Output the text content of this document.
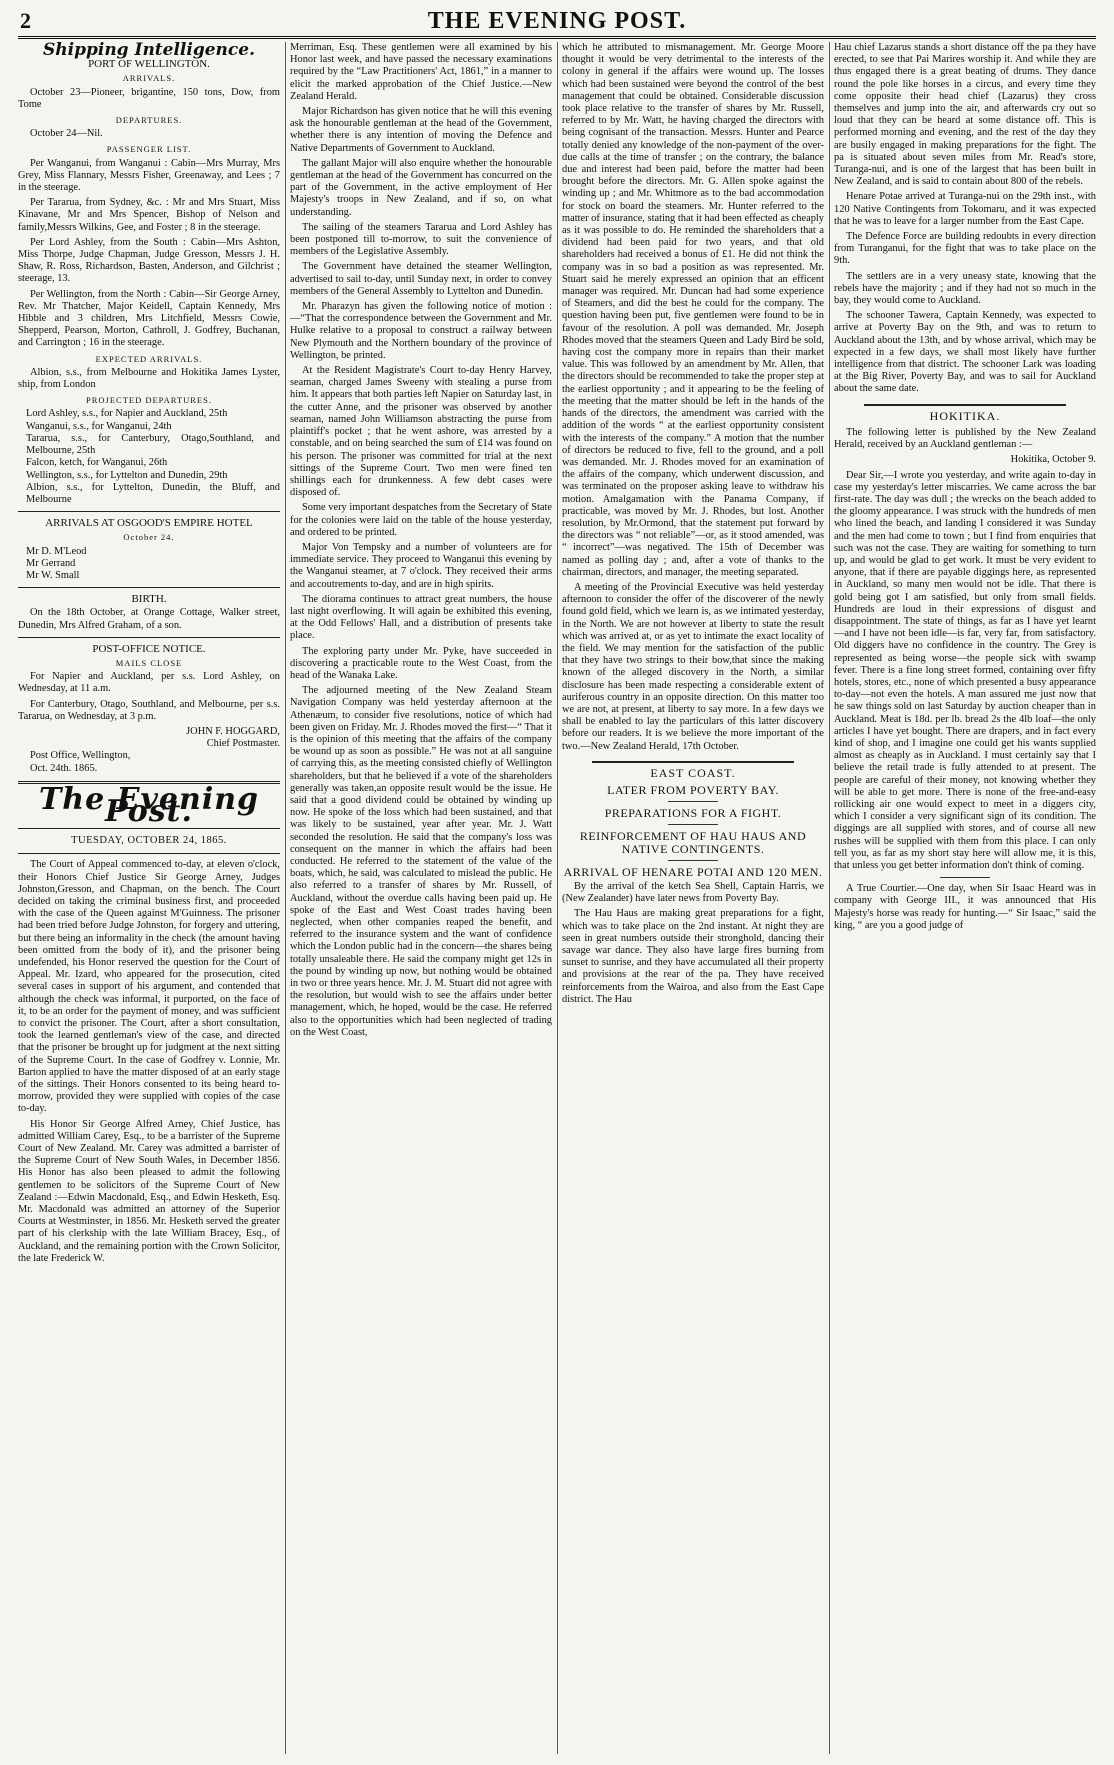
2	THE EVENING POST.
Shipping Intelligence.
PORT OF WELLINGTON.
ARRIVALS.

October 23—Pioneer, brigantine, 150 tons, Dow, from Tome

DEPARTURES.

October 24—Nil.

PASSENGER LIST.

Per Wanganui, from Wanganui : Cabin—Mrs Murray, Mrs Grey, Miss Flannary, Messrs Fisher, Greenaway, and Lees ; 7 in the steerage.

Per Tararua, from Sydney, &c. : Mr and Mrs Stuart, Miss Kinavane, Mr and Mrs Spencer, Bishop of Nelson and family,Messrs Wilkins, Gee, and Foster ; 8 in the steerage.

Per Lord Ashley, from the South : Cabin—Mrs Ashton, Miss Thorpe, Judge Chapman, Judge Gresson, Messrs J. H. Shaw, R. Ross, Richardson, Basten, Anderson, and Gilchrist ; steerage, 13.

Per Wellington, from the North : Cabin—Sir George Arney, Rev. Mr Thatcher, Major Keidell, Captain Kennedy, Mrs Hibble and 3 children, Mrs Litchfield, Messrs Cowie, Shepperd, Pearson, Morton, Cathroll, J. Godfrey, Buchanan, and Carrington ; 16 in the steerage.

EXPECTED ARRIVALS.

Albion, s.s., from Melbourne and Hokitika James Lyster, ship, from London

PROJECTED DEPARTURES.

Lord Ashley, s.s., for Napier and Auckland, 25th

Wanganui, s.s., for Wanganui, 24th

Tararua, s.s., for Canterbury, Otago,Southland, and Melbourne, 25th

Falcon, ketch, for Wanganui, 26th

Wellington, s.s., for Lyttelton and Dunedin, 29th

Albion, s.s., for Lyttelton, Dunedin, the Bluff, and Melbourne

ARRIVALS AT OSGOOD'S EMPIRE HOTEL
October 24.

Mr D. M'Leod

Mr Gerrand

Mr W. Small

BIRTH.

On the 18th October, at Orange Cottage, Walker street, Dunedin, Mrs Alfred Graham, of a son.

POST-OFFICE NOTICE.
MAILS CLOSE

For Napier and Auckland, per s.s. Lord Ashley, on Wednesday, at 11 a.m.

For Canterbury, Otago, Southland, and Melbourne, per s.s. Tararua, on Wednesday, at 3 p.m.

JOHN F. HOGGARD,

Chief Postmaster.

Post Office, Wellington,

Oct. 24th. 1865.

The Evening Post.
TUESDAY, OCTOBER 24, 1865.

The Court of Appeal commenced to-day, at eleven o'clock, their Honors Chief Justice Sir George Arney, Judges Johnston,Gresson, and Chapman, on the bench. The Court decided on taking the criminal business first, and proceeded with the case of the Queen against M'Guinness. The prisoner had been tried before Judge Johnston, for forgery and uttering, but there being an informality in the check (the amount having been omitted from the body of it), and the prisoner being undefended, his Honor reserved the question for the Court of Appeal. Mr. Izard, who appeared for the prosecution, cited several cases in support of his argument, and contended that although the check was informal, it purported, on the face of it, to be an order for the payment of money, and was sufficient to convict the prisoner. The Court, after a short consultation, took the learned gentleman's view of the case, and directed that the prisoner be brought up for judgment at the next sitting of the Supreme Court. In the case of Godfrey v. Lonnie, Mr. Barton applied to have the matter disposed of at an early stage of the sittings. Their Honors consented to its being heard to-morrow, provided they were supplied with copies of the case to-day.

His Honor Sir George Alfred Arney, Chief Justice, has admitted William Carey, Esq., to be a barrister of the Supreme Court of New Zealand. Mr. Carey was admitted a barrister of the Supreme Court of New South Wales, in December 1856. His Honor has also been pleased to admit the following gentlemen to be solicitors of the Supreme Court of New Zealand :—Edwin Macdonald, Esq., and Edwin Hesketh, Esq. Mr. Macdonald was admitted an attorney of the Superior Courts at Westminster, in 1856. Mr. Hesketh served the greater part of his clerkship with the late William Bracey, Esq., of Auckland, and the remaining portion with the Crown Solicitor, the late Frederick W.

Merriman, Esq. These gentlemen were all examined by his Honor last week, and have passed the necessary examinations required by the “Law Practitioners' Act, 1861,” in a manner to elicit the marked approbation of the Chief Justice.—New Zealand Herald.

Major Richardson has given notice that he will this evening ask the honourable gentleman at the head of the Government, whether there is any intention of moving the Defence and Native Departments of Government to Auckland.

The gallant Major will also enquire whether the honourable gentleman at the head of the Government has concurred on the part of the Government, in the active employment of Her Majesty's troops in New Zealand, and if so, on what understanding.

The sailing of the steamers Tararua and Lord Ashley has been postponed till to-morrow, to suit the convenience of members of the Legislative Assembly.

The Government have detained the steamer Wellington, advertised to sail to-day, until Sunday next, in order to convey members of the General Assembly to Lyttelton and Dunedin.

Mr. Pharazyn has given the following notice of motion :—“That the correspondence between the Government and Mr. Hulke relative to a proposal to construct a railway between New Plymouth and the Northern boundary of the province of Wellington, be printed.

At the Resident Magistrate's Court to-day Henry Harvey, seaman, charged James Sweeny with stealing a purse from him. It appears that both parties left Napier on Saturday last, in the cutter Anne, and the prisoner was observed by another seaman, named John Williamson abstracting the purse from plaintiff's pocket ; that he went ashore, was arrested by a constable, and on being searched the sum of £14 was found on his person. The prisoner was committed for trial at the next sittings of the Supreme Court. Two men were fined ten shillings each for drunkenness. A few debt cases were disposed of.

Some very important despatches from the Secretary of State for the colonies were laid on the table of the house yesterday, and ordered to be printed.

Major Von Tempsky and a number of volunteers are for immediate service. They proceed to Wanganui this evening by the Wanganui steamer, at 7 o'clock. They received their arms and accoutrements to-day, and are in high spirits.

The diorama continues to attract great numbers, the house last night overflowing. It will again be exhibited this evening, at the Odd Fellows' Hall, and a distribution of presents take place.

The exploring party under Mr. Pyke, have succeeded in discovering a practicable route to the West Coast, from the head of the Wanaka Lake.

The adjourned meeting of the New Zealand Steam Navigation Company was held yesterday afternoon at the Athenæum, to consider five resolutions, notice of which had been given on Friday. Mr. J. Rhodes moved the first—“ That it is the opinion of this meeting that the affairs of the company be wound up as soon as possible.” He was not at all sanguine of carrying this, as the meeting consisted chiefly of Wellington shareholders, but that he believed if a vote of the shareholders generally was taken,an opposite result would be the issue. He said that a good dividend could be obtained by winding up now. He spoke of the loss which had been sustained, and that was likely to be sustained, year after year. Mr. J. Watt seconded the resolution. He said that the company's loss was consequent on the manner in which the affairs had been conducted. He referred to the statement of the value of the boats, which, he said, was calculated to mislead the public. He also referred to a transfer of shares by Mr. Russell, of Auckland, without the overdue calls having been paid up. He spoke of the East and West Coast trades having been neglected, when other companies reaped the benefit, and referred to the insurance system and the want of confidence which the London public had in the concern—the shares being totally unsaleable there. He said the company might get 12s in the pound by winding up now, but nothing would be obtained in two or three years hence. Mr. J. M. Stuart did not agree with the resolution, but would wish to see the affairs under better management, which, he hoped, would be the case. He referred also to the opportunities which had been neglected of trading on the West Coast,

which he attributed to mismanagement. Mr. George Moore thought it would be very detrimental to the interests of the colony in general if the affairs were wound up. The losses which had been sustained were beyond the control of the best management that could be obtained. Considerable discussion took place relative to the transfer of shares by Mr. Russell, referred to by Mr. Watt, he having charged the directors with being cognisant of the transaction. Messrs. Hunter and Pearce totally denied any knowledge of the non-payment of the over-due calls at the time of transfer ; on the contrary, the balance due and interest had been paid, before the matter had been brought before the directors. Mr. G. Allen spoke against the winding up ; and Mr. Whitmore as to the bad accommodation for stock on board the steamers. Mr. Hunter referred to the matter of insurance, stating that it had been effected as cheaply as it was possible to do. He reminded the shareholders that a dividend had been paid for two years, and that old shareholders had received a bonus of £1. He did not think the company was in so bad a position as was represented. Mr. Stuart said he merely expressed an opinion that an efficent manager was required. Mr. Duncan had had some experience of Steamers, and did the best he could for the company. The question having been put, five gentlemen were found to be in favour of the resolution. A poll was demanded. Mr. Joseph Rhodes moved that the steamers Queen and Lady Bird be sold, having cost the company more in repairs than their market value. This was followed by an amendment by Mr. Allen, that the directors should be recommended to take the proper step at the earliest opportunity ; and it appearing to be the feeling of the meeting that the matter should be left in the hands of the hands of the directors, the amendment was carried with the addition of the words “ at the earliest opportunity consistent with the interests of the company.” A motion that the number of directors be reduced to five, fell to the ground, and a poll was demanded. Mr. J. Rhodes moved for an examination of the affairs of the company, which underwent discussion, and was terminated on the proposer asking leave to withdraw his motion. Amalgamation with the Panama Company, if practicable, was moved by Mr. J. Rhodes, but lost. Another resolution, by Mr.Ormond, that the statement put forward by the directors was “ not reliable”—or, as it stood amended, was “ incorrect”—was negatived. The 15th of December was named as polling day ; and, after a vote of thanks to the chairman, directors, and manager, the meeting separated.

A meeting of the Provincial Executive was held yesterday afternoon to consider the offer of the discoverer of the newly found gold field, which we learn is, as we intimated yesterday, in the North. We are not however at liberty to state the result which was arrived at, or as yet to intimate the exact locality of the field. We may mention for the satisfaction of the public that they have two strings to their bow,that since the making known of the alleged discovery in the North, a similar disclosure has been made respecting a considerable extent of auriferous country in an opposite direction. On this matter too we are not, at present, at liberty to say more. In a few days we shall be enabled to lay the particulars of this latter discovery before our readers. It is we believe the more important of the two.—New Zealand Herald, 17th October.

EAST COAST.
LATER FROM POVERTY BAY.
PREPARATIONS FOR A FIGHT.
REINFORCEMENT OF HAU HAUS AND NATIVE CONTINGENTS.
ARRIVAL OF HENARE POTAI AND 120 MEN.

By the arrival of the ketch Sea Shell, Captain Harris, we (New Zealander) have later news from Poverty Bay.

The Hau Haus are making great preparations for a fight, which was to take place on the 2nd instant. At night they are seen in great numbers outside their stronghold, dancing their savage war dance. They also have large fires burning from sunset to sunrise, and they have accumulated all their property and provisions at the rear of the pa. They have received reinforcements from the Wairoa, and also from the East Cape district. The Hau

Hau chief Lazarus stands a short distance off the pa they have erected, to see that Pai Marires worship it. And while they are thus engaged there is a great beating of drums. They dance round the pole like horses in a circus, and every time they come opposite their head chief (Lazarus) they cross themselves and jump into the air, and afterwards cry out so loud that they can be heard at some distance off. This is performed morning and evening, and the rest of the day they are busily engaged in making preparations for the fight. The pa is situated about seven miles from Mr. Read's store, Turanga-nui, and is one of the largest that has been built in New Zealand, and is said to contain about 800 of the rebels.

Henare Potae arrived at Turanga-nui on the 29th inst., with 120 Native Contingents from Tokomaru, and it was expected that he was to leave for a larger number from the East Cape.

The Defence Force are building redoubts in every direction from Turanganui, for the fight that was to take place on the 9th.

The settlers are in a very uneasy state, knowing that the rebels have the majority ; and if they had not so much in the bay, they would come to Auckland.

The schooner Tawera, Captain Kennedy, was expected to arrive at Poverty Bay on the 9th, and was to return to Auckland about the 13th, and by whose arrival, which may be expected in a few days, we shall most likely have further intelligence from that district. The schooner Lark was loading at the Big River, Poverty Bay, and was to sail for Auckland about the same date.

HOKITIKA.

The following letter is published by the New Zealand Herald, received by an Auckland gentleman :—

Hokitika, October 9.

Dear Sir,—I wrote you yesterday, and write again to-day in case my yesterday's letter miscarries. We came across the bar first-rate. The day was dull ; the wrecks on the beach added to the gloomy appearance. I was struck with the hundreds of men who lined the beach, and landing I considered it was Sunday and the men had come to town ; but I find from enquiries that such was not the case. They are waiting for something to turn up, and would be glad to get work. It must be very evident to anyone, that if there are payable diggings here, as represented in Auckland, so many men would not be idle. That there is gold being got I am satisfied, but only from small fields. Hundreds are loud in their expressions of disgust and disappointment. The state of things, as far as I have yet learnt—and I have not been idle—is far, very far, from satisfactory. Old diggers have no confidence in the country. The Grey is represented as being worse—the people sick with swamp fever. There is a fine long street formed, containing over fifty hotels, stores, etc., none of which presented a busy appearance to-day—not even the hotels. A man assured me just now that he saw things sold on last Saturday by auction cheaper than in Auckland. Meat is 18d. per lb. bread 2s the 4lb loaf—the only articles I have yet bought. There are drapers, and in fact every kind of shop, and I imagine one could get his wants supplied almost as cheaply as in Auckland. I must certainly say that I believe the retail trade is fully attended to at present. The people are careful of their money, not knowing whether they will be able to get more. There is none of the free-and-easy rollicking air one would expect to meet in a diggers city, which I consider a very significant sign of its condition. The diggings are all supplied with stores, and of course all new rushes will be supplied with them from this place. I can only tell you, as far as my short stay here will allow me, it is this, that unless you get better information don't think of coming.

A True Courtier.—One day, when Sir Isaac Heard was in company with George III., it was announced that His Majesty's horse was ready for hunting.—“ Sir Isaac,” said the king, “ are you a good judge of
